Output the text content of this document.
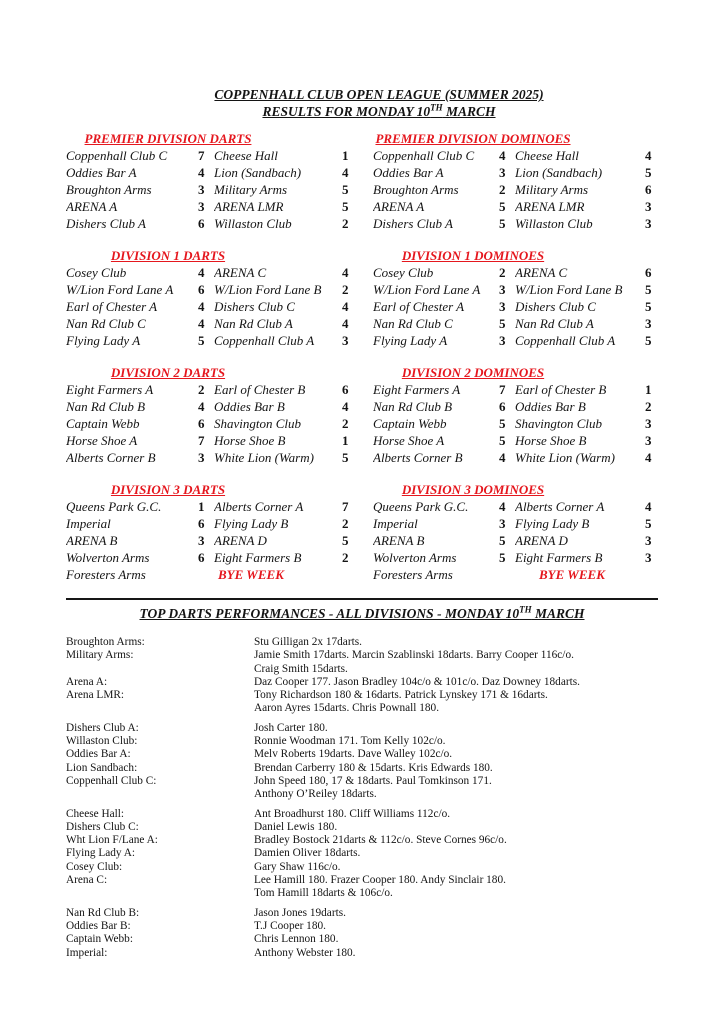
COPPENHALL CLUB OPEN LEAGUE (SUMMER 2025)
RESULTS FOR MONDAY 10TH MARCH
PREMIER DIVISION DARTS	PREMIER DIVISION DOMINOES
Coppenhall Club C	7 Cheese Hall	1	Coppenhall Club C	4 Cheese Hall	4
Oddies Bar A	4 Lion (Sandbach)	4	Oddies Bar A	3 Lion (Sandbach)	5
Broughton Arms	3 Military Arms	5	Broughton Arms	2 Military Arms	6
ARENA A	3 ARENA LMR	5	ARENA A	5 ARENA LMR	3
Dishers Club A	6 Willaston Club	2	Dishers Club A	5 Willaston Club	3
DIVISION 1 DARTS	DIVISION 1 DOMINOES
Cosey Club	4 ARENA C	4	Cosey Club	2 ARENA C	6
W/Lion Ford Lane A	6 W/Lion Ford Lane B	2	W/Lion Ford Lane A	3 W/Lion Ford Lane B	5
Earl of Chester A	4 Dishers Club C	4	Earl of Chester A	3 Dishers Club C	5
Nan Rd Club C	4 Nan Rd Club A	4	Nan Rd Club C	5 Nan Rd Club A	3
Flying Lady A	5 Coppenhall Club A	3	Flying Lady A	3 Coppenhall Club A	5
DIVISION 2 DARTS	DIVISION 2 DOMINOES
Eight Farmers A	2 Earl of Chester B	6	Eight Farmers A	7 Earl of Chester B	1
Nan Rd Club B	4 Oddies Bar B	4	Nan Rd Club B	6 Oddies Bar B	2
Captain Webb	6 Shavington Club	2	Captain Webb	5 Shavington Club	3
Horse Shoe A	7 Horse Shoe B	1	Horse Shoe A	5 Horse Shoe B	3
Alberts Corner B	3 White Lion (Warm)	5	Alberts Corner B	4 White Lion (Warm)	4
DIVISION 3 DARTS	DIVISION 3 DOMINOES
Queens Park G.C.	1 Alberts Corner A	7	Queens Park G.C.	4 Alberts Corner A	4
Imperial	6 Flying Lady B	2	Imperial	3 Flying Lady B	5
ARENA B	3 ARENA D	5	ARENA B	5 ARENA D	3
Wolverton Arms	6 Eight Farmers B	2	Wolverton Arms	5 Eight Farmers B	3
Foresters Arms	BYE WEEK	Foresters Arms	BYE WEEK
TOP DARTS PERFORMANCES - ALL DIVISIONS - MONDAY 10TH MARCH
Broughton Arms:	Stu Gilligan 2x 17darts.
Military Arms:	Jamie Smith 17darts. Marcin Szablinski 18darts. Barry Cooper 116c/o.
Craig Smith 15darts.
Arena A:	Daz Cooper 177. Jason Bradley 104c/o & 101c/o. Daz Downey 18darts.
Arena LMR:	Tony Richardson 180 & 16darts. Patrick Lynskey 171 & 16darts.
Aaron Ayres 15darts. Chris Pownall 180.
Dishers Club A:	Josh Carter 180.
Willaston Club:	Ronnie Woodman 171. Tom Kelly 102c/o.
Oddies Bar A:	Melv Roberts 19darts. Dave Walley 102c/o.
Lion Sandbach:	Brendan Carberry 180 & 15darts. Kris Edwards 180.
Coppenhall Club C:	John Speed 180, 17 & 18darts. Paul Tomkinson 171.
Anthony O’Reiley 18darts.
Cheese Hall:	Ant Broadhurst 180. Cliff Williams 112c/o.
Dishers Club C:	Daniel Lewis 180.
Wht Lion F/Lane A:	Bradley Bostock 21darts & 112c/o. Steve Cornes 96c/o.
Flying Lady A:	Damien Oliver 18darts.
Cosey Club:	Gary Shaw 116c/o.
Arena C:	Lee Hamill 180. Frazer Cooper 180. Andy Sinclair 180.
Tom Hamill 18darts & 106c/o.
Nan Rd Club B:	Jason Jones 19darts.
Oddies Bar B:	T.J Cooper 180.
Captain Webb:	Chris Lennon 180.
Imperial:	Anthony Webster 180.
